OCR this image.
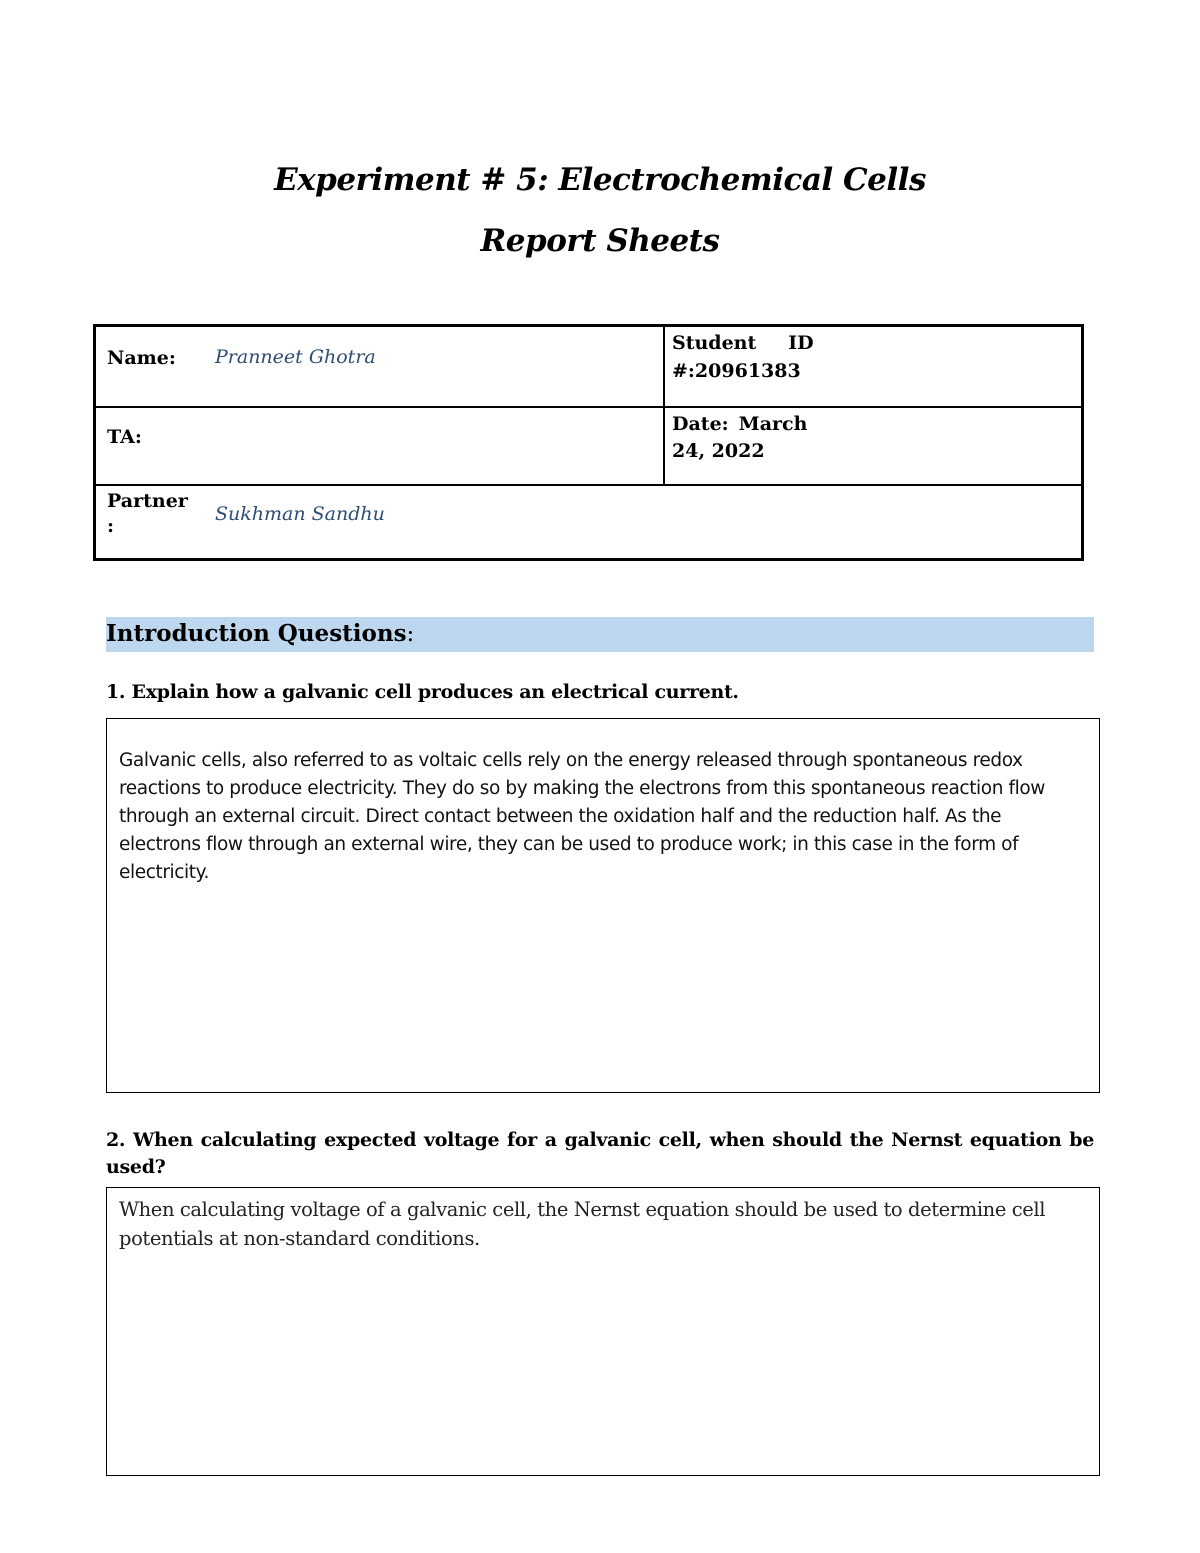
Experiment # 5: Electrochemical Cells
Report Sheets
Name: Pranneet Ghotra
Student ID
#:20961383
TA:
Date: March
24, 2022
Partner
:
Sukhman Sandhu
Introduction Questions:
1. Explain how a galvanic cell produces an electrical current.
Galvanic cells, also referred to as voltaic cells rely on the energy released through spontaneous redox reactions to produce electricity. They do so by making the electrons from this spontaneous reaction flow through an external circuit. Direct contact between the oxidation half and the reduction half. As the electrons flow through an external wire, they can be used to produce work; in this case in the form of electricity.
2. When calculating expected voltage for a galvanic cell, when should the Nernst equation be used?
When calculating voltage of a galvanic cell, the Nernst equation should be used to determine cell potentials at non-standard conditions.
